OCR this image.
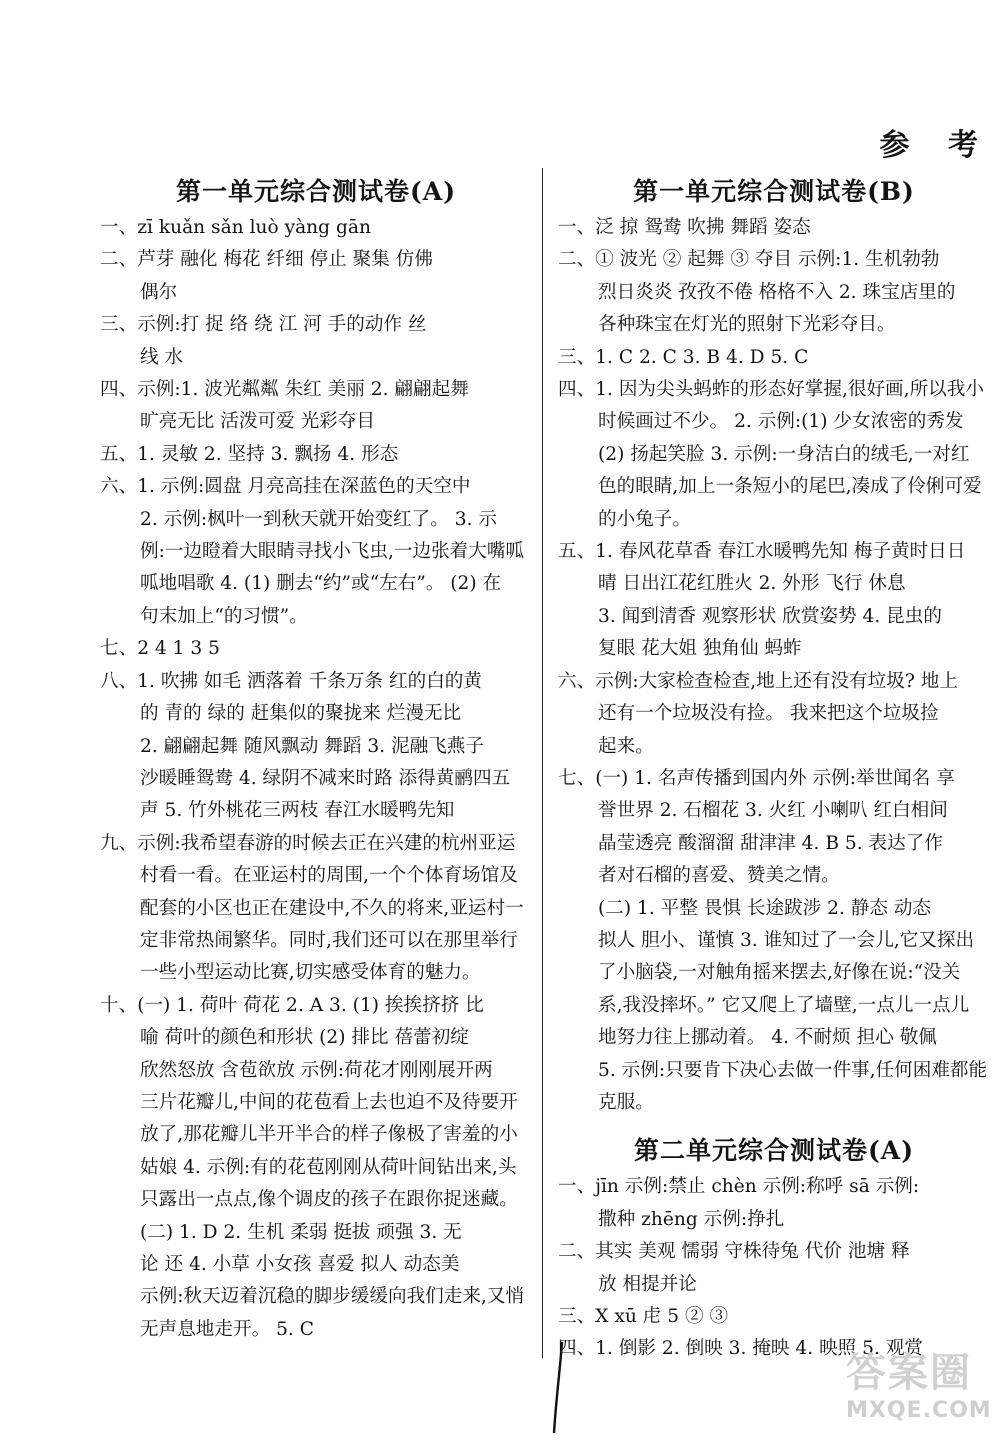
参 考
第一单元综合测试卷(A)
一、zī kuǎn sǎn luò yàng gān
二、芦芽 融化 梅花 纤细 停止 聚集 仿佛
偶尔
三、示例:打 捉 络 绕 江 河 手的动作 丝
线 水
四、示例:1. 波光粼粼 朱红 美丽 2. 翩翩起舞
旷亮无比 活泼可爱 光彩夺目
五、1. 灵敏 2. 坚持 3. 飘扬 4. 形态
六、1. 示例:圆盘 月亮高挂在深蓝色的天空中
2. 示例:枫叶一到秋天就开始变红了。 3. 示
例:一边瞪着大眼睛寻找小飞虫,一边张着大嘴呱
呱地唱歌 4. (1) 删去“约”或“左右”。 (2) 在
句末加上“的习惯”。
七、2 4 1 3 5
八、1. 吹拂 如毛 洒落着 千条万条 红的白的黄
的 青的 绿的 赶集似的聚拢来 烂漫无比
2. 翩翩起舞 随风飘动 舞蹈 3. 泥融飞燕子
沙暖睡鸳鸯 4. 绿阴不减来时路 添得黄鹂四五
声 5. 竹外桃花三两枝 春江水暖鸭先知
九、示例:我希望春游的时候去正在兴建的杭州亚运
村看一看。在亚运村的周围,一个个体育场馆及
配套的小区也正在建设中,不久的将来,亚运村一
定非常热闹繁华。同时,我们还可以在那里举行
一些小型运动比赛,切实感受体育的魅力。
十、(一) 1. 荷叶 荷花 2. A 3. (1) 挨挨挤挤 比
喻 荷叶的颜色和形状 (2) 排比 蓓蕾初绽
欣然怒放 含苞欲放 示例:荷花才刚刚展开两
三片花瓣儿,中间的花苞看上去也迫不及待要开
放了,那花瓣儿半开半合的样子像极了害羞的小
姑娘 4. 示例:有的花苞刚刚从荷叶间钻出来,头
只露出一点点,像个调皮的孩子在跟你捉迷藏。
(二) 1. D 2. 生机 柔弱 挺拔 顽强 3. 无
论 还 4. 小草 小女孩 喜爱 拟人 动态美
示例:秋天迈着沉稳的脚步缓缓向我们走来,又悄
无声息地走开。 5. C
第一单元综合测试卷(B)
一、泛 掠 鸳鸯 吹拂 舞蹈 姿态
二、① 波光 ② 起舞 ③ 夺目 示例:1. 生机勃勃
烈日炎炎 孜孜不倦 格格不入 2. 珠宝店里的
各种珠宝在灯光的照射下光彩夺目。
三、1. C 2. C 3. B 4. D 5. C
四、1. 因为尖头蚂蚱的形态好掌握,很好画,所以我小
时候画过不少。 2. 示例:(1) 少女浓密的秀发
(2) 扬起笑脸 3. 示例:一身洁白的绒毛,一对红
色的眼睛,加上一条短小的尾巴,凑成了伶俐可爱
的小兔子。
五、1. 春风花草香 春江水暖鸭先知 梅子黄时日日
晴 日出江花红胜火 2. 外形 飞行 休息
3. 闻到清香 观察形状 欣赏姿势 4. 昆虫的
复眼 花大姐 独角仙 蚂蚱
六、示例:大家检查检查,地上还有没有垃圾? 地上
还有一个垃圾没有捡。 我来把这个垃圾捡
起来。
七、(一) 1. 名声传播到国内外 示例:举世闻名 享
誉世界 2. 石榴花 3. 火红 小喇叭 红白相间
晶莹透亮 酸溜溜 甜津津 4. B 5. 表达了作
者对石榴的喜爱、赞美之情。
(二) 1. 平整 畏惧 长途跋涉 2. 静态 动态
拟人 胆小、谨慎 3. 谁知过了一会儿,它又探出
了小脑袋,一对触角摇来摆去,好像在说:“没关
系,我没摔坏。” 它又爬上了墙壁,一点儿一点儿
地努力往上挪动着。 4. 不耐烦 担心 敬佩
5. 示例:只要肯下决心去做一件事,任何困难都能
克服。
第二单元综合测试卷(A)
一、jīn 示例:禁止 chèn 示例:称呼 sā 示例:
撒种 zhēng 示例:挣扎
二、其实 美观 懦弱 守株待兔 代价 池塘 释
放 相提并论
三、X xū 虍 5 ② ③
四、1. 倒影 2. 倒映 3. 掩映 4. 映照 5. 观赏
答案圈
MXQE.COM
